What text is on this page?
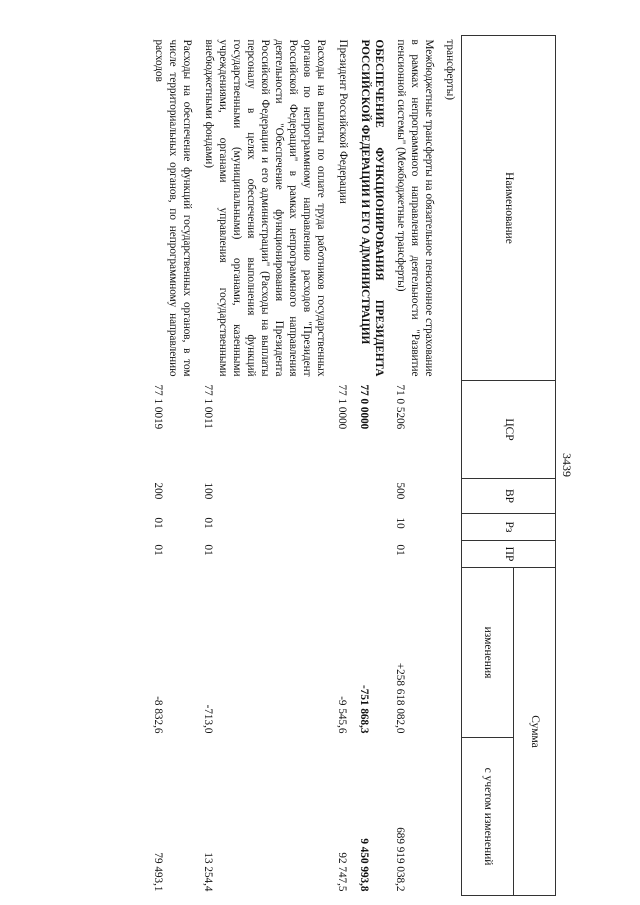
3439
Наименование	ЦСР	ВР	Рз	ПР	Сумма	
					изменения	с учетом изменений
трансферты)						
Межбюджетные трансферты на обязательное пенсионное страхование в рамках непрограммного направления деятельности "Развитие пенсионной системы" (Межбюджетные трансферты)	71 0 5206	500	10	01	+258 618 082,0	689 919 038,2
ОБЕСПЕЧЕНИЕ ФУНКЦИОНИРОВАНИЯ ПРЕЗИДЕНТА РОССИЙСКОЙ ФЕДЕРАЦИИ И ЕГО АДМИНИСТРАЦИИ	77 0 0000				-751 868,3	9 450 993,8
Президент Российской Федерации	77 1 0000				-9 545,6	92 747,5
Расходы на выплаты по оплате труда работников государственных органов по непрограммному направлению расходов "Президент Российской Федерации" в рамках непрограммного направления деятельности "Обеспечение функционирования Президента Российской Федерации и его администрации" (Расходы на выплаты персоналу в целях обеспечения выполнения функций государственными (муниципальными) органами, казенными учреждениями, органами управления государственными внебюджетными фондами)	77 1 0011	100	01	01	-713,0	13 254,4
Расходы на обеспечение функций государственных органов, в том числе территориальных органов, по непрограммному направлению расходов	77 1 0019	200	01	01	-8 832,6	79 493,1
